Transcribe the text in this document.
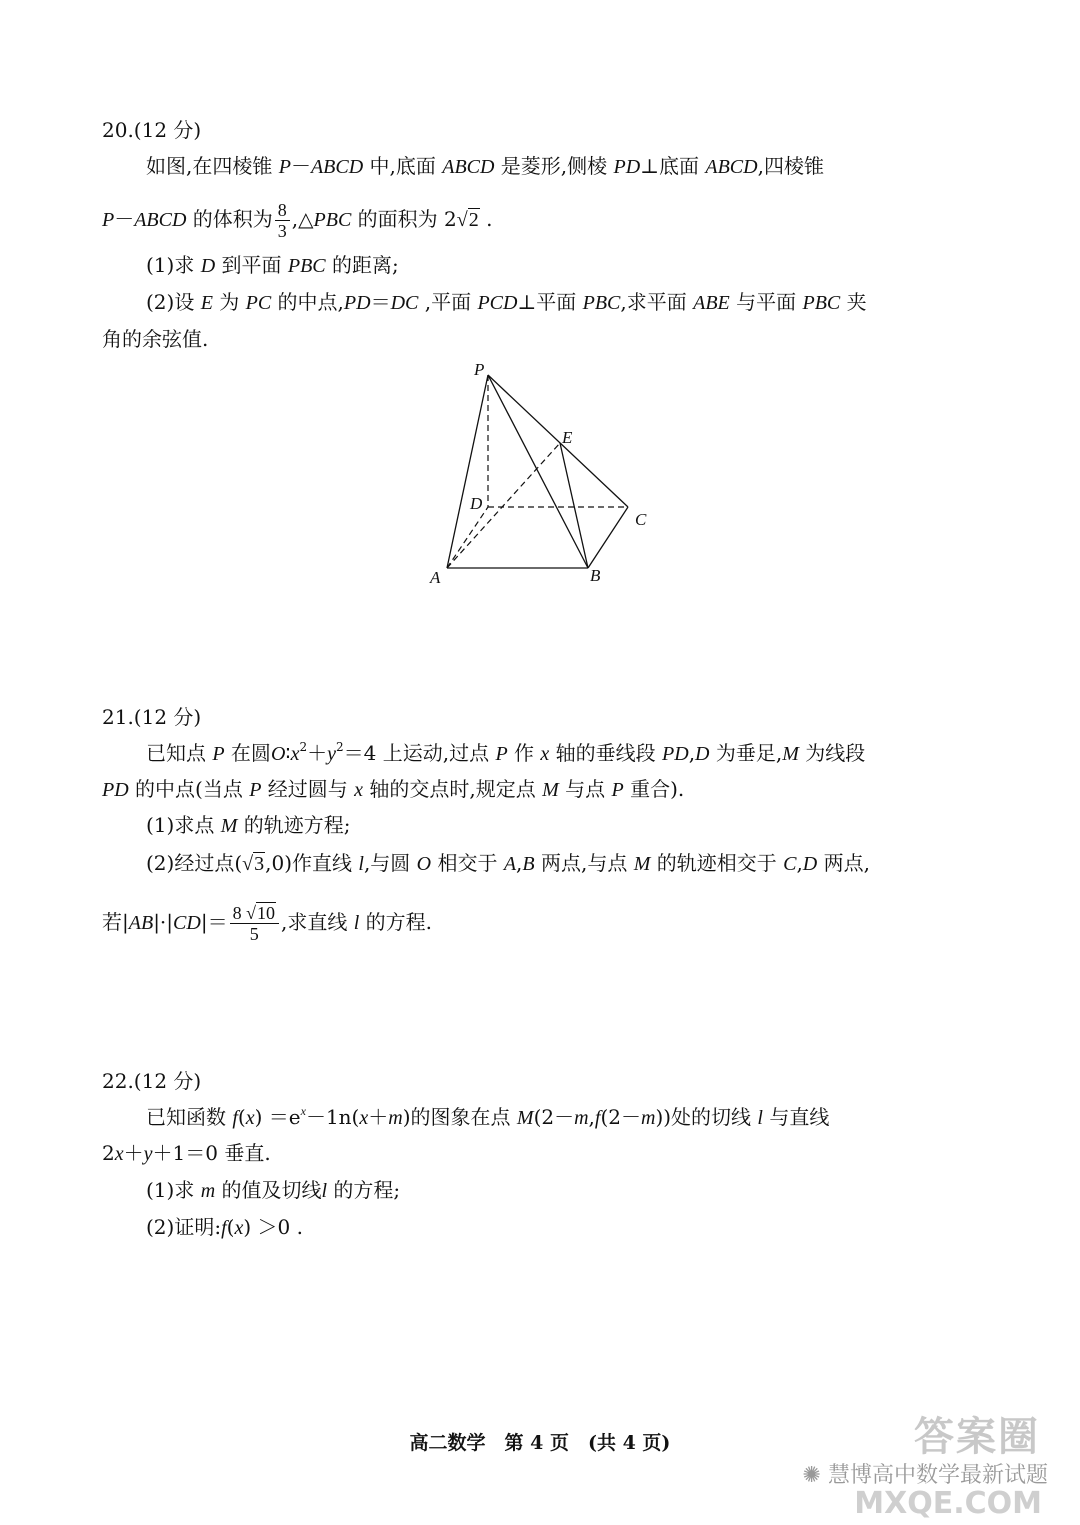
20.(12 分)
如图,在四棱锥 P－ABCD 中,底面 ABCD 是菱形,侧棱 PD⊥底面 ABCD,四棱锥
P－ABCD 的体积为 $\frac{8}{3}$ ,△PBC 的面积为 2√2 .
(1)求 D 到平面 PBC 的距离;
(2)设 E 为 PC 的中点,PD＝DC ,平面 PCD⊥平面 PBC,求平面 ABE 与平面 PBC 夹
角的余弦值.
P
E
D
C
A	B
21.(12 分)
已知点 P 在圆$O∶x^2+y^2=4$ 上运动,过点 P 作 x 轴的垂线段 PD,D 为垂足,M 为线段
PD 的中点(当点 P 经过圆与 x 轴的交点时,规定点 M 与点 P 重合).
(1)求点 M 的轨迹方程;
(2)经过点(√3,0)作直线 l,与圆 O 相交于 A,B 两点,与点 M 的轨迹相交于 C,D 两点,
若$|AB|\cdot|CD|= \frac{8 √10}{5}$ ,求直线 l 的方程.
22.(12 分)
已知函数 $f(x) =e^x-1n(x+m)$的图象在点 M(2－m,f(2－m))处的切线 l 与直线
2x＋y＋1＝0 垂直.
(1)求 m 的值及切线l 的方程;
(2)证明:f(x) ＞0 .
高二数学　第 4 页　(共 4 页)	答案圈
✺ 慧博高中数学最新试题
MXQE.COM
